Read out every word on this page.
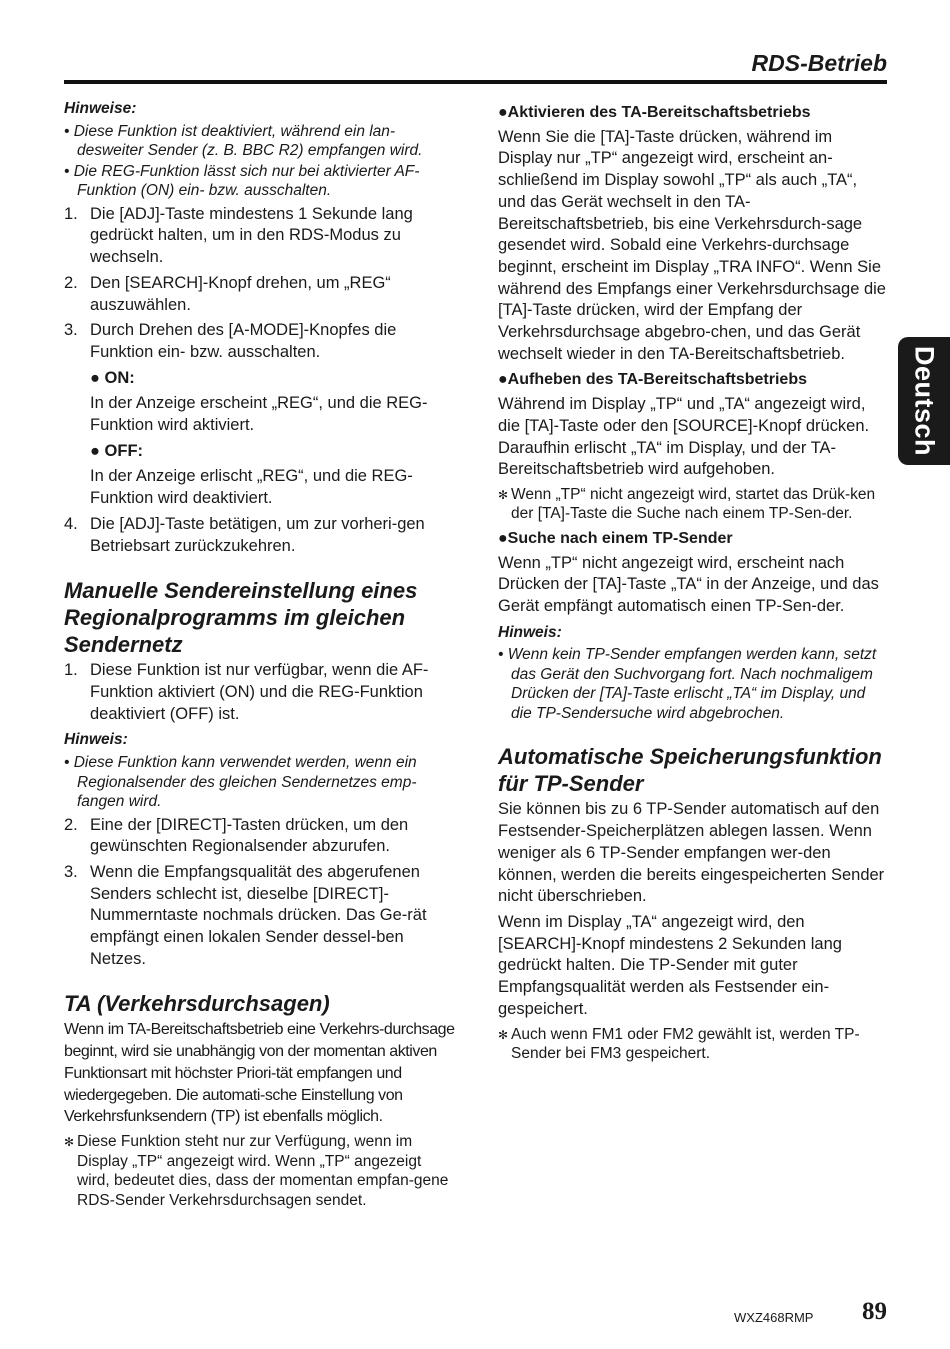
RDS-Betrieb
Deutsch
Hinweise:
• Diese Funktion ist deaktiviert, während ein lan-desweiter Sender (z. B. BBC R2) empfangen wird.
• Die REG-Funktion lässt sich nur bei aktivierter AF-Funktion (ON) ein- bzw. ausschalten.
1. Die [ADJ]-Taste mindestens 1 Sekunde lang gedrückt halten, um in den RDS-Modus zu wechseln.
2. Den [SEARCH]-Knopf drehen, um „REG“ auszuwählen.
3. Durch Drehen des [A-MODE]-Knopfes die Funktion ein- bzw. ausschalten.
● ON:
In der Anzeige erscheint „REG“, und die REG-Funktion wird aktiviert.
● OFF:
In der Anzeige erlischt „REG“, und die REG-Funktion wird deaktiviert.
4. Die [ADJ]-Taste betätigen, um zur vorheri-gen Betriebsart zurückzukehren.
Manuelle Sendereinstellung eines Regionalprogramms im gleichen Sendernetz
1. Diese Funktion ist nur verfügbar, wenn die AF-Funktion aktiviert (ON) und die REG-Funktion deaktiviert (OFF) ist.
Hinweis:
• Diese Funktion kann verwendet werden, wenn ein Regionalsender des gleichen Sendernetzes emp-fangen wird.
2. Eine der [DIRECT]-Tasten drücken, um den gewünschten Regionalsender abzurufen.
3. Wenn die Empfangsqualität des abgerufenen Senders schlecht ist, dieselbe [DIRECT]-Nummerntaste nochmals drücken. Das Ge-rät empfängt einen lokalen Sender dessel-ben Netzes.
TA (Verkehrsdurchsagen)
Wenn im TA-Bereitschaftsbetrieb eine Verkehrs-durchsage beginnt, wird sie unabhängig von der momentan aktiven Funktionsart mit höchster Priori-tät empfangen und wiedergegeben. Die automati-sche Einstellung von Verkehrsfunksendern (TP) ist ebenfalls möglich.
✻ Diese Funktion steht nur zur Verfügung, wenn im Display „TP“ angezeigt wird. Wenn „TP“ angezeigt wird, bedeutet dies, dass der momentan empfan-gene RDS-Sender Verkehrsdurchsagen sendet.
●Aktivieren des TA-Bereitschaftsbetriebs
Wenn Sie die [TA]-Taste drücken, während im Display nur „TP“ angezeigt wird, erscheint an-schließend im Display sowohl „TP“ als auch „TA“, und das Gerät wechselt in den TA-Bereitschaftsbetrieb, bis eine Verkehrsdurch-sage gesendet wird. Sobald eine Verkehrs-durchsage beginnt, erscheint im Display „TRA INFO“. Wenn Sie während des Empfangs einer Verkehrsdurchsage die [TA]-Taste drücken, wird der Empfang der Verkehrsdurchsage abgebro-chen, und das Gerät wechselt wieder in den TA-Bereitschaftsbetrieb.
●Aufheben des TA-Bereitschaftsbetriebs
Während im Display „TP“ und „TA“ angezeigt wird, die [TA]-Taste oder den [SOURCE]-Knopf drücken. Daraufhin erlischt „TA“ im Display, und der TA-Bereitschaftsbetrieb wird aufgehoben.
✻ Wenn „TP“ nicht angezeigt wird, startet das Drük-ken der [TA]-Taste die Suche nach einem TP-Sen-der.
●Suche nach einem TP-Sender
Wenn „TP“ nicht angezeigt wird, erscheint nach Drücken der [TA]-Taste „TA“ in der Anzeige, und das Gerät empfängt automatisch einen TP-Sen-der.
Hinweis:
• Wenn kein TP-Sender empfangen werden kann, setzt das Gerät den Suchvorgang fort. Nach nochmaligem Drücken der [TA]-Taste erlischt „TA“ im Display, und die TP-Sendersuche wird abgebrochen.
Automatische Speicherungsfunktion für TP-Sender
Sie können bis zu 6 TP-Sender automatisch auf den Festsender-Speicherplätzen ablegen lassen. Wenn weniger als 6 TP-Sender empfangen wer-den können, werden die bereits eingespeicherten Sender nicht überschrieben.
Wenn im Display „TA“ angezeigt wird, den [SEARCH]-Knopf mindestens 2 Sekunden lang gedrückt halten. Die TP-Sender mit guter Empfangsqualität werden als Festsender ein-gespeichert.
✻ Auch wenn FM1 oder FM2 gewählt ist, werden TP-Sender bei FM3 gespeichert.
WXZ468RMP 89
